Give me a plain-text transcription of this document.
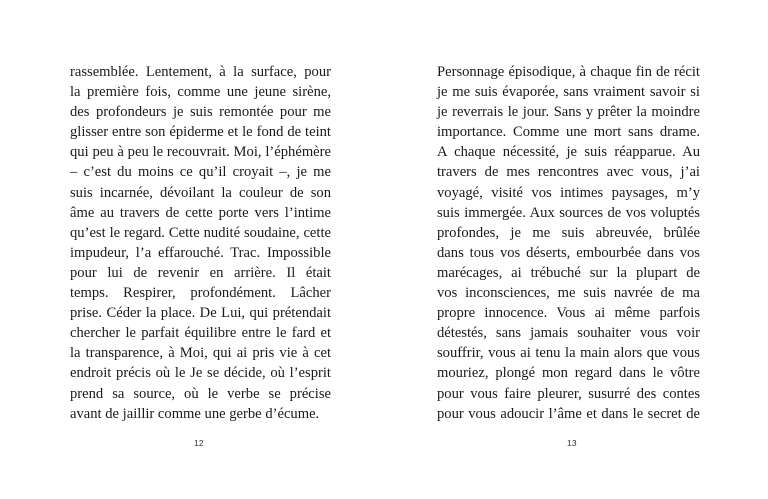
rassemblée. Lentement, à la surface, pour
la première fois, comme une jeune sirène,
des profondeurs je suis remontée pour me
glisser entre son épiderme et le fond de teint
qui peu à peu le recouvrait. Moi, l’éphémère
– c’est du moins ce qu’il croyait –, je me
suis incarnée, dévoilant la couleur de son
âme au travers de cette porte vers l’intime
qu’est le regard. Cette nudité soudaine, cette
impudeur, l’a effarouché. Trac. Impossible
pour lui de revenir en arrière. Il était
temps. Respirer, profondément. Lâcher
prise. Céder la place. De Lui, qui prétendait
chercher le parfait équilibre entre le fard et
la transparence, à Moi, qui ai pris vie à cet
endroit précis où le Je se décide, où l’esprit
prend sa source, où le verbe se précise
avant de jaillir comme une gerbe d’écume.

12

Personnage épisodique, à chaque fin de récit
je me suis évaporée, sans vraiment savoir si
je reverrais le jour. Sans y prêter la moindre
importance. Comme une mort sans drame.
A chaque nécessité, je suis réapparue. Au
travers de mes rencontres avec vous, j’ai
voyagé, visité vos intimes paysages, m’y
suis immergée. Aux sources de vos voluptés
profondes, je me suis abreuvée, brûlée
dans tous vos déserts, embourbée dans vos
marécages, ai trébuché sur la plupart de
vos inconsciences, me suis navrée de ma
propre innocence. Vous ai même parfois
détestés, sans jamais souhaiter vous voir
souffrir, vous ai tenu la main alors que vous
mouriez, plongé mon regard dans le vôtre
pour vous faire pleurer, susurré des contes
pour vous adoucir l’âme et dans le secret de

13
